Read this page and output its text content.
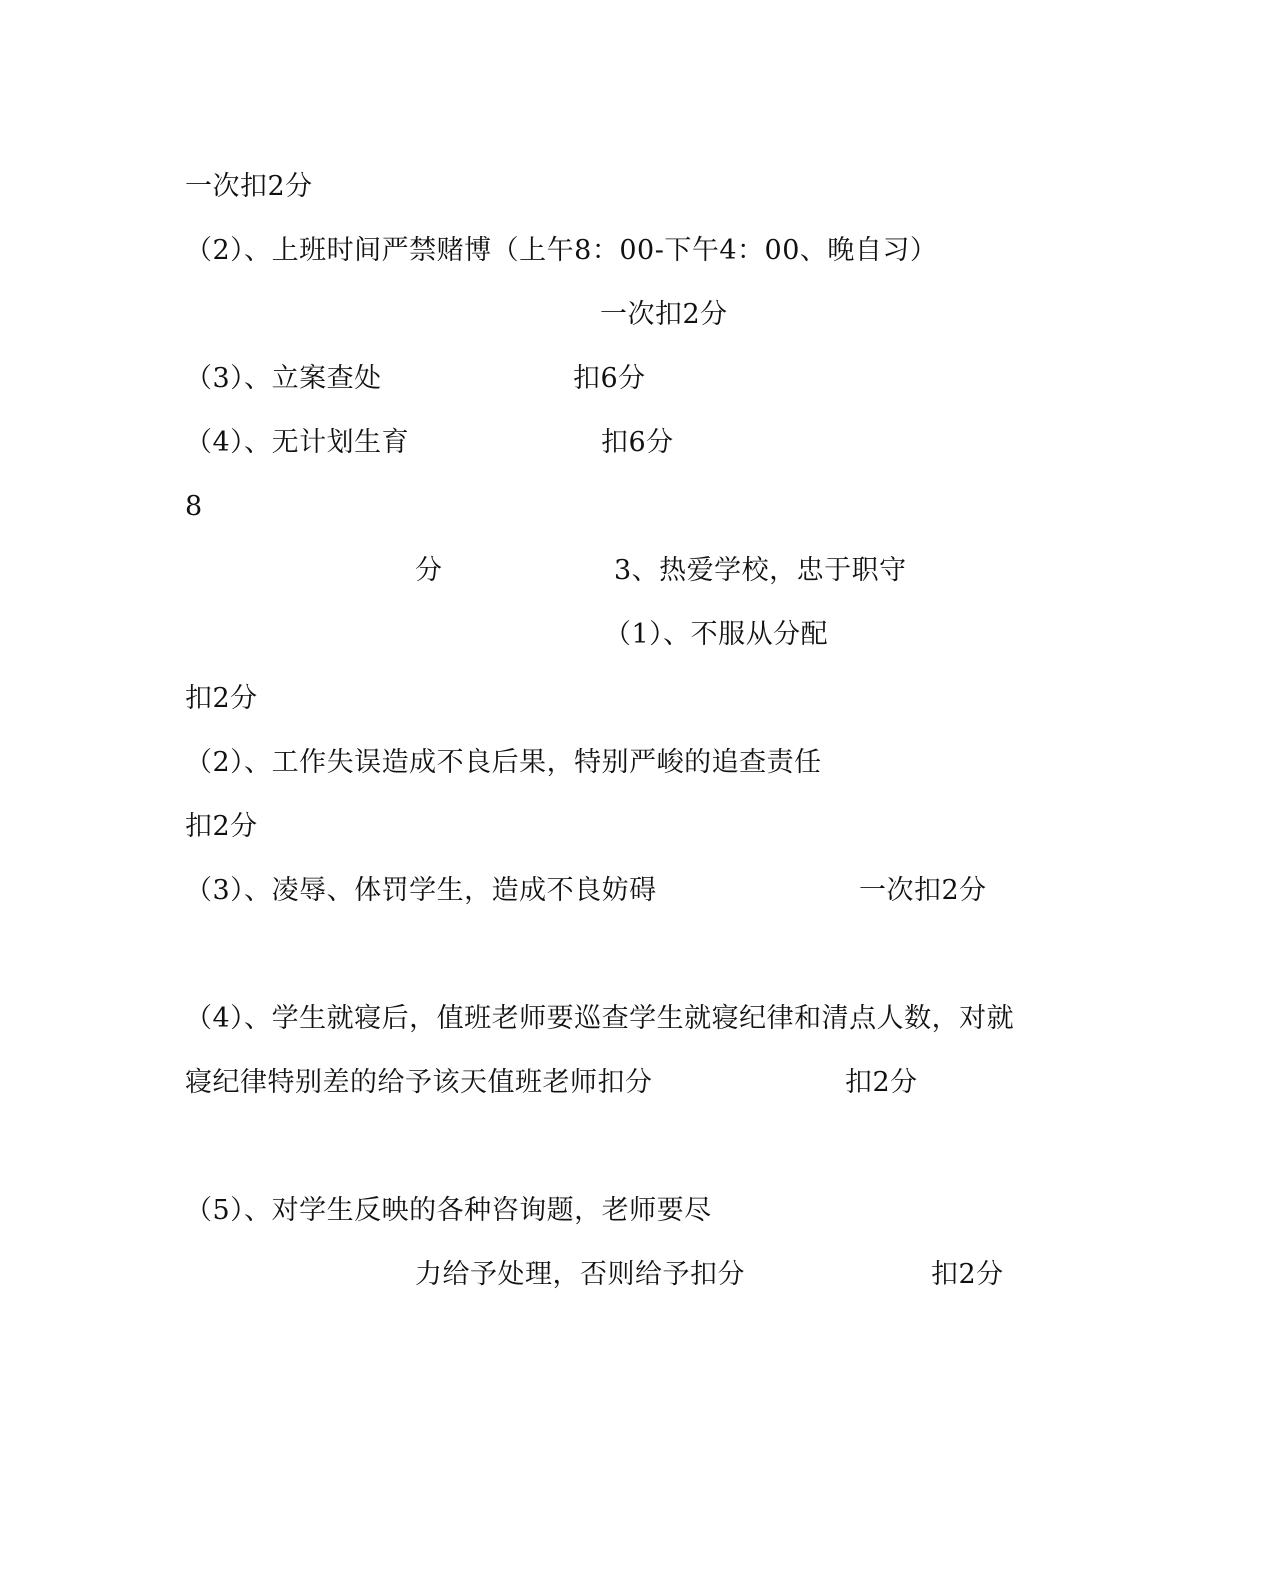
一次扣2分
（2）、上班时间严禁赌博（上午8：00-下午4：00、晚自习）
一次扣2分
（3）、立案查处	扣6分
（4）、无计划生育	扣6分
8
分	3、热爱学校，忠于职守
（1）、不服从分配
扣2分
（2）、工作失误造成不良后果，特别严峻的追查责任
扣2分
（3）、凌辱、体罚学生，造成不良妨碍	一次扣2分
（4）、学生就寝后，值班老师要巡查学生就寝纪律和清点人数，对就
寝纪律特别差的给予该天值班老师扣分	扣2分
（5）、对学生反映的各种咨询题，老师要尽
力给予处理，否则给予扣分	扣2分
